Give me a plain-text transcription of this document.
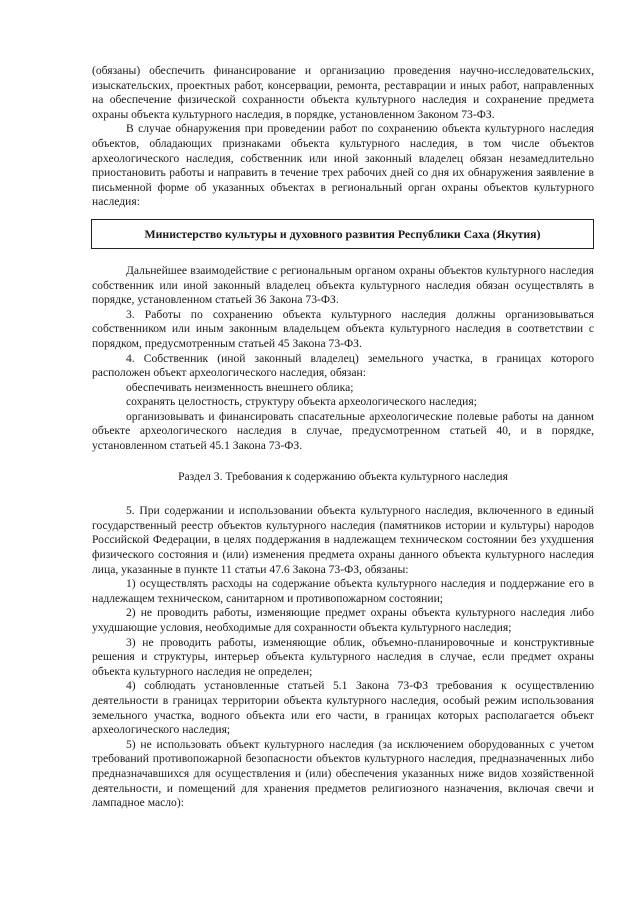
(обязаны) обеспечить финансирование и организацию проведения научно-исследовательских, изыскательских, проектных работ, консервации, ремонта, реставрации и иных работ, направленных на обеспечение физической сохранности объекта культурного наследия и сохранение предмета охраны объекта культурного наследия, в порядке, установленном Законом 73-ФЗ.

В случае обнаружения при проведении работ по сохранению объекта культурного наследия объектов, обладающих признаками объекта культурного наследия, в том числе объектов археологического наследия, собственник или иной законный владелец обязан незамедлительно приостановить работы и направить в течение трех рабочих дней со дня их обнаружения заявление в письменной форме об указанных объектах в региональный орган охраны объектов культурного наследия:

Министерство культуры и духовного развития Республики Саха (Якутия)

Дальнейшее взаимодействие с региональным органом охраны объектов культурного наследия собственник или иной законный владелец объекта культурного наследия обязан осуществлять в порядке, установленном статьей 36 Закона 73-ФЗ.

3. Работы по сохранению объекта культурного наследия должны организовываться собственником или иным законным владельцем объекта культурного наследия в соответствии с порядком, предусмотренным статьей 45 Закона 73-ФЗ.

4. Собственник (иной законный владелец) земельного участка, в границах которого расположен объект археологического наследия, обязан:

обеспечивать неизменность внешнего облика;

сохранять целостность, структуру объекта археологического наследия;

организовывать и финансировать спасательные археологические полевые работы на данном объекте археологического наследия в случае, предусмотренном статьей 40, и в порядке, установленном статьей 45.1 Закона 73-ФЗ.

Раздел 3. Требования к содержанию объекта культурного наследия

5. При содержании и использовании объекта культурного наследия, включенного в единый государственный реестр объектов культурного наследия (памятников истории и культуры) народов Российской Федерации, в целях поддержания в надлежащем техническом состоянии без ухудшения физического состояния и (или) изменения предмета охраны данного объекта культурного наследия лица, указанные в пункте 11 статьи 47.6 Закона 73-ФЗ, обязаны:

1) осуществлять расходы на содержание объекта культурного наследия и поддержание его в надлежащем техническом, санитарном и противопожарном состоянии;

2) не проводить работы, изменяющие предмет охраны объекта культурного наследия либо ухудшающие условия, необходимые для сохранности объекта культурного наследия;

3) не проводить работы, изменяющие облик, объемно-планировочные и конструктивные решения и структуры, интерьер объекта культурного наследия в случае, если предмет охраны объекта культурного наследия не определен;

4) соблюдать установленные статьей 5.1 Закона 73-ФЗ требования к осуществлению деятельности в границах территории объекта культурного наследия, особый режим использования земельного участка, водного объекта или его части, в границах которых располагается объект археологического наследия;

5) не использовать объект культурного наследия (за исключением оборудованных с учетом требований противопожарной безопасности объектов культурного наследия, предназначенных либо предназначавшихся для осуществления и (или) обеспечения указанных ниже видов хозяйственной деятельности, и помещений для хранения предметов религиозного назначения, включая свечи и лампадное масло):
